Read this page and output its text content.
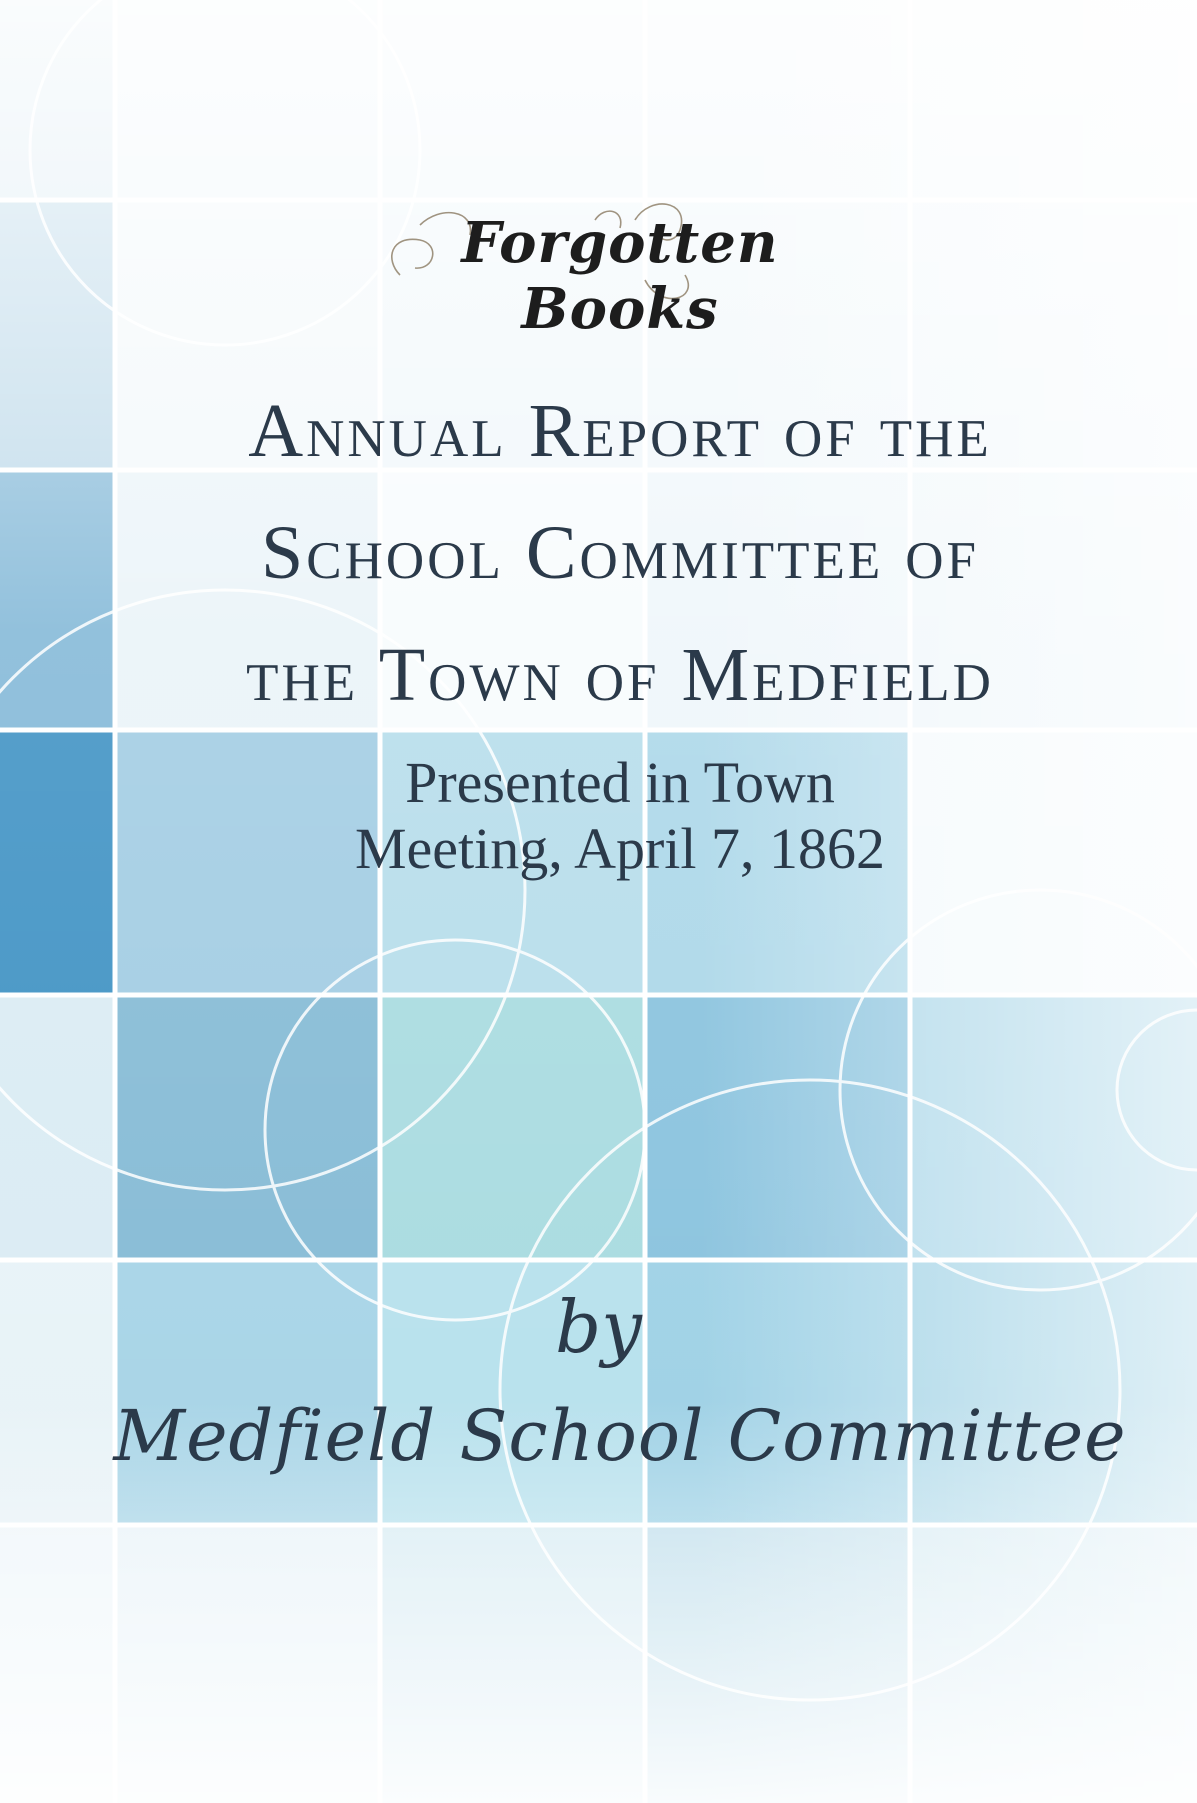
Forgotten Books
Annual Report of the
School Committee of
the Town of Medfield
Presented in Town
Meeting, April 7, 1862
by
Medfield School Committee
